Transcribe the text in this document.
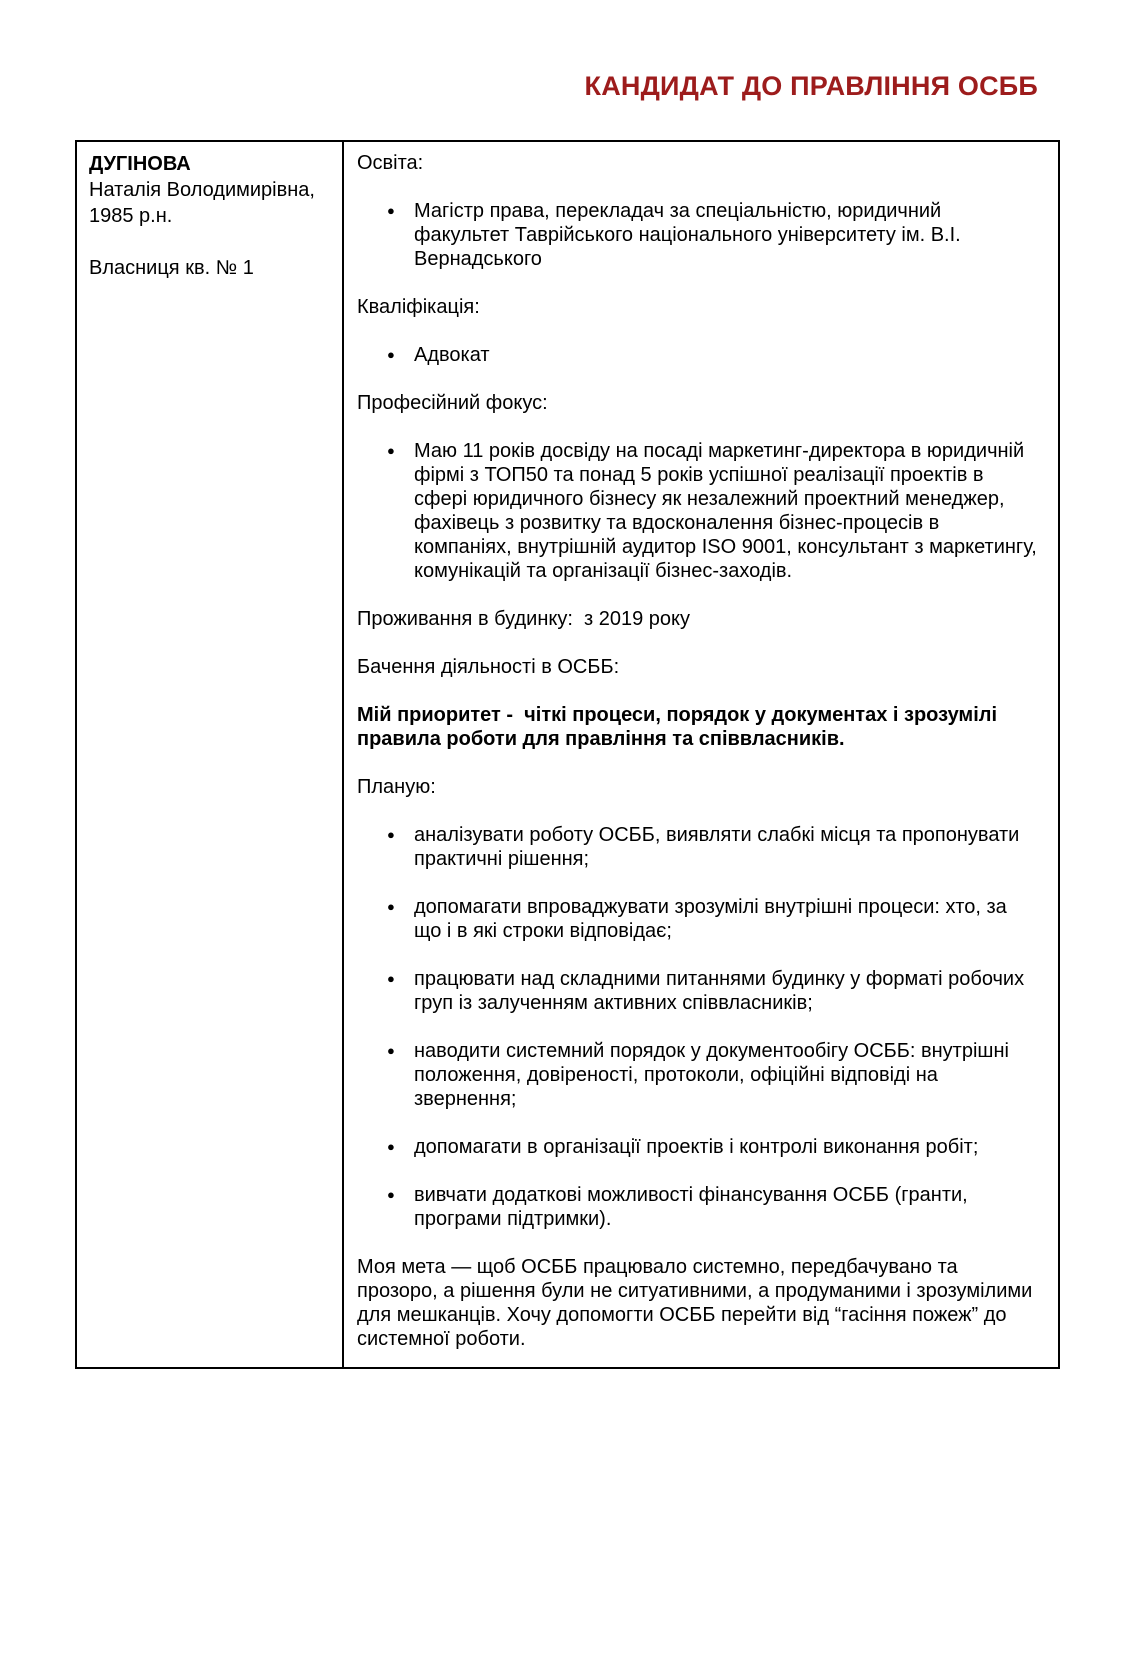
КАНДИДАТ ДО ПРАВЛІННЯ ОСББ
ДУГІНОВА
Наталія Володимирівна,
1985 р.н.
Власниця кв. № 1

Освіта:

● Магістр права, перекладач за спеціальністю, юридичний факультет Таврійського національного університету ім. В.І. Вернадського

Кваліфікація:

● Адвокат

Професійний фокус:

● Маю 11 років досвіду на посаді маркетинг-директора в юридичній фірмі з ТОП50 та понад 5 років успішної реалізації проектів в сфері юридичного бізнесу як незалежний проектний менеджер, фахівець з розвитку та вдосконалення бізнес-процесів в компаніях, внутрішній аудитор ISO 9001, консультант з маркетингу, комунікацій та організації бізнес-заходів.

Проживання в будинку:  з 2019 року

Бачення діяльності в ОСББ:

Мій приоритет -  чіткі процеси, порядок у документах і зрозумілі правила роботи для правління та співвласників.

Планую:

● аналізувати роботу ОСББ, виявляти слабкі місця та пропонувати практичні рішення;
● допомагати впроваджувати зрозумілі внутрішні процеси: хто, за що і в які строки відповідає;
● працювати над складними питаннями будинку у форматі робочих груп із залученням активних співвласників;
● наводити системний порядок у документообігу ОСББ: внутрішні положення, довіреності, протоколи, офіційні відповіді на звернення;
● допомагати в організації проектів і контролі виконання робіт;
● вивчати додаткові можливості фінансування ОСББ (гранти, програми підтримки).

Моя мета — щоб ОСББ працювало системно, передбачувано та прозоро, а рішення були не ситуативними, а продуманими і зрозумілими для мешканців. Хочу допомогти ОСББ перейти від “гасіння пожеж” до системної роботи.
